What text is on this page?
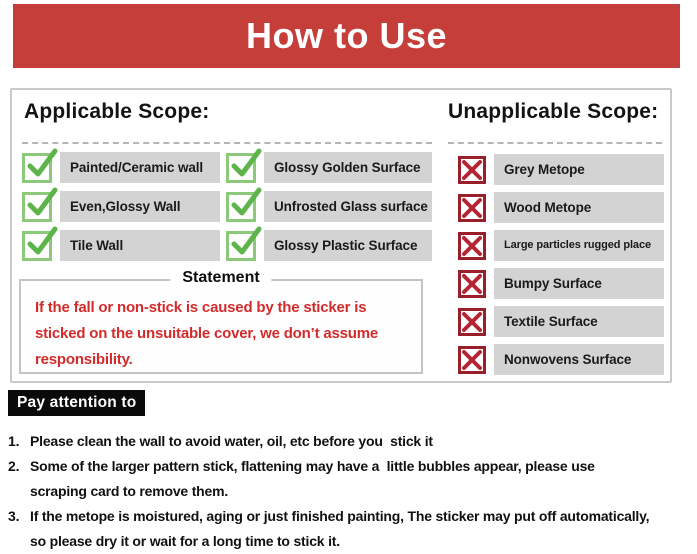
How to Use
Applicable Scope:	Unapplicable Scope:
Painted/Ceramic wall
Even,Glossy Wall
Tile Wall
Glossy Golden Surface
Unfrosted Glass surface
Glossy Plastic Surface
Statement
If the fall or non-stick is caused by the sticker is
sticked on the unsuitable cover, we don’t assume
responsibility.
Grey Metope
Wood Metope
Large particles rugged place
Bumpy Surface
Textile Surface
Nonwovens Surface
Pay attention to
1. Please clean the wall to avoid water, oil, etc before you  stick it
2. Some of the larger pattern stick, flattening may have a  little bubbles appear, please use
scraping card to remove them.
3. If the metope is moistured, aging or just finished painting, The sticker may put off automatically,
so please dry it or wait for a long time to stick it.
